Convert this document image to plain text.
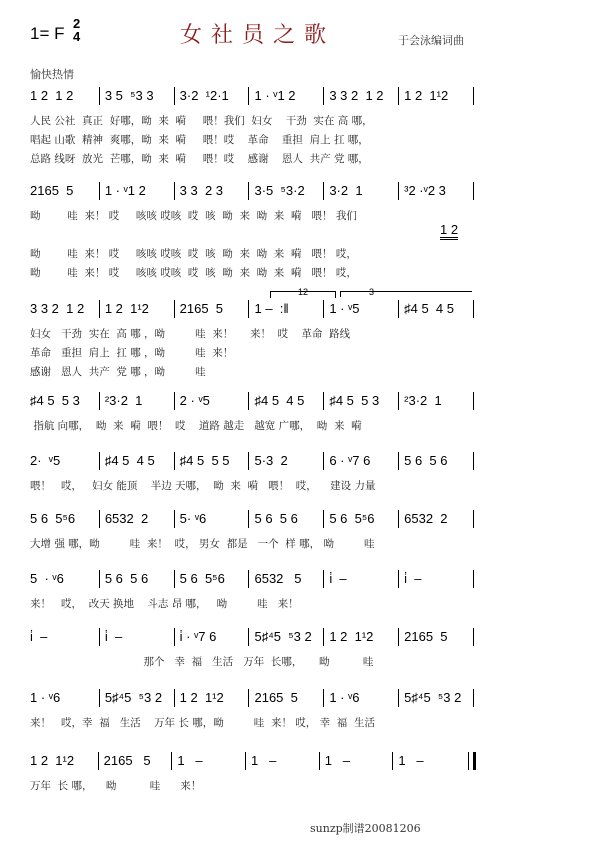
1= F
2
4	女社员之歌	于会泳编词曲
愉快热情
1 2
12	3
sunzp制谱20081206
1 2  1 2	3 5  ⁵3 3	3·2  ¹2·1	1 · ᵛ1 2	3 3 2  1 2	1 2  1¹2
人民 公社  真正  好哪，呦  来  嗬     喂！我们  妇女    干劲  实在 高 哪，
唱起 山歌  精神  爽哪，呦  来  嗬     喂！哎    革命    重担  肩上 扛 哪，
总路 线呀  放光  芒哪，呦  来  嗬     喂！哎    感谢    恩人  共产 党 哪，
2165  5	1 · ᵛ1 2	3 3  2 3	3·5  ⁵3·2	3·2  1	³2 ·ᵛ2 3
呦        哇  来！ 哎     咳咳 哎咳  哎  咳  呦  来  呦  来  嗬   喂！ 我们
呦        哇  来！ 哎     咳咳 哎咳  哎  咳  呦  来  呦  来  嗬   喂！ 哎，
呦        哇  来！ 哎     咳咳 哎咳  哎  咳  呦  来  呦  来  嗬   喂！ 哎，
3 3 2  1 2	1 2  1¹2	2165  5	1 –  :‖	1 · ᵛ5	♯4 5  4 5
妇女   干劲  实在  高 哪 ，呦         哇  来！     来！  哎    革命  路线
革命   重担  肩上  扛 哪 ，呦         哇  来！
感谢   恩人  共产  党 哪 ，呦         哇
♯4 5  5 3	²3·2  1	2 · ᵛ5	♯4 5  4 5	♯4 5  5 3	²3·2  1
指航 向哪，  呦  来  嗬  喂！  哎    道路 越走   越宽 广哪，  呦  来  嗬
2·  ᵛ5	♯4 5  4 5	♯4 5  5 5	5·3  2	6 · ᵛ7 6	5 6  5 6
喂！   哎，   妇女 能顶    半边 天哪，  呦  来  嗬   喂！  哎，    建设 力量
5 6  5⁵6	6532  2	5· ᵛ6	5 6  5 6	5 6  5⁵6	6532  2
大增 强 哪，呦         哇  来！  哎， 男女  都是   一个  样 哪， 呦         哇
5  · ᵛ6	5 6  5 6	5 6  5⁵6	6532   5	i̇  –	i̇  –
来！   哎，  改天 换地    斗志 昂 哪，   呦         哇   来！
i̇  –	i̇  –	i̇ · ᵛ7 6	5♯⁴5  ⁵3 2	1 2  1¹2	2165  5
那个   幸  福   生活   万年  长哪，     呦          哇
1 · ᵛ6	5♯⁴5  ⁵3 2	1 2  1¹2	2165  5	1 · ᵛ6	5♯⁴5  ⁵3 2
来！   哎，幸  福   生活    万年 长 哪，呦         哇  来！ 哎， 幸  福  生活
1 2  1¹2	2165   5	1   –	1   –	1   –	1   –
万年  长 哪，    呦          哇      来！
